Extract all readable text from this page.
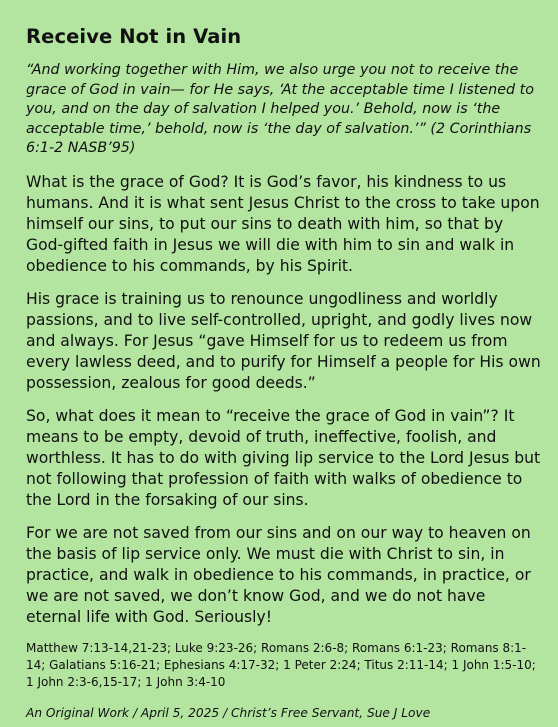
Receive Not in Vain

“And working together with Him, we also urge you not to receive the grace of God in vain— for He says, ‘At the acceptable time I listened to you, and on the day of salvation I helped you.’ Behold, now is ‘the acceptable time,’ behold, now is ‘the day of salvation.’” (2 Corinthians 6:1-2 NASB’95)

What is the grace of God? It is God’s favor, his kindness to us humans. And it is what sent Jesus Christ to the cross to take upon himself our sins, to put our sins to death with him, so that by God-gifted faith in Jesus we will die with him to sin and walk in obedience to his commands, by his Spirit.

His grace is training us to renounce ungodliness and worldly passions, and to live self-controlled, upright, and godly lives now and always. For Jesus “gave Himself for us to redeem us from every lawless deed, and to purify for Himself a people for His own possession, zealous for good deeds.”

So, what does it mean to “receive the grace of God in vain”? It means to be empty, devoid of truth, ineffective, foolish, and worthless. It has to do with giving lip service to the Lord Jesus but not following that profession of faith with walks of obedience to the Lord in the forsaking of our sins.

For we are not saved from our sins and on our way to heaven on the basis of lip service only. We must die with Christ to sin, in practice, and walk in obedience to his commands, in practice, or we are not saved, we don’t know God, and we do not have eternal life with God. Seriously!

Matthew 7:13-14,21-23; Luke 9:23-26; Romans 2:6-8; Romans 6:1-23; Romans 8:1-14; Galatians 5:16-21; Ephesians 4:17-32; 1 Peter 2:24; Titus 2:11-14; 1 John 1:5-10; 1 John 2:3-6,15-17; 1 John 3:4-10

An Original Work / April 5, 2025 / Christ’s Free Servant, Sue J Love
